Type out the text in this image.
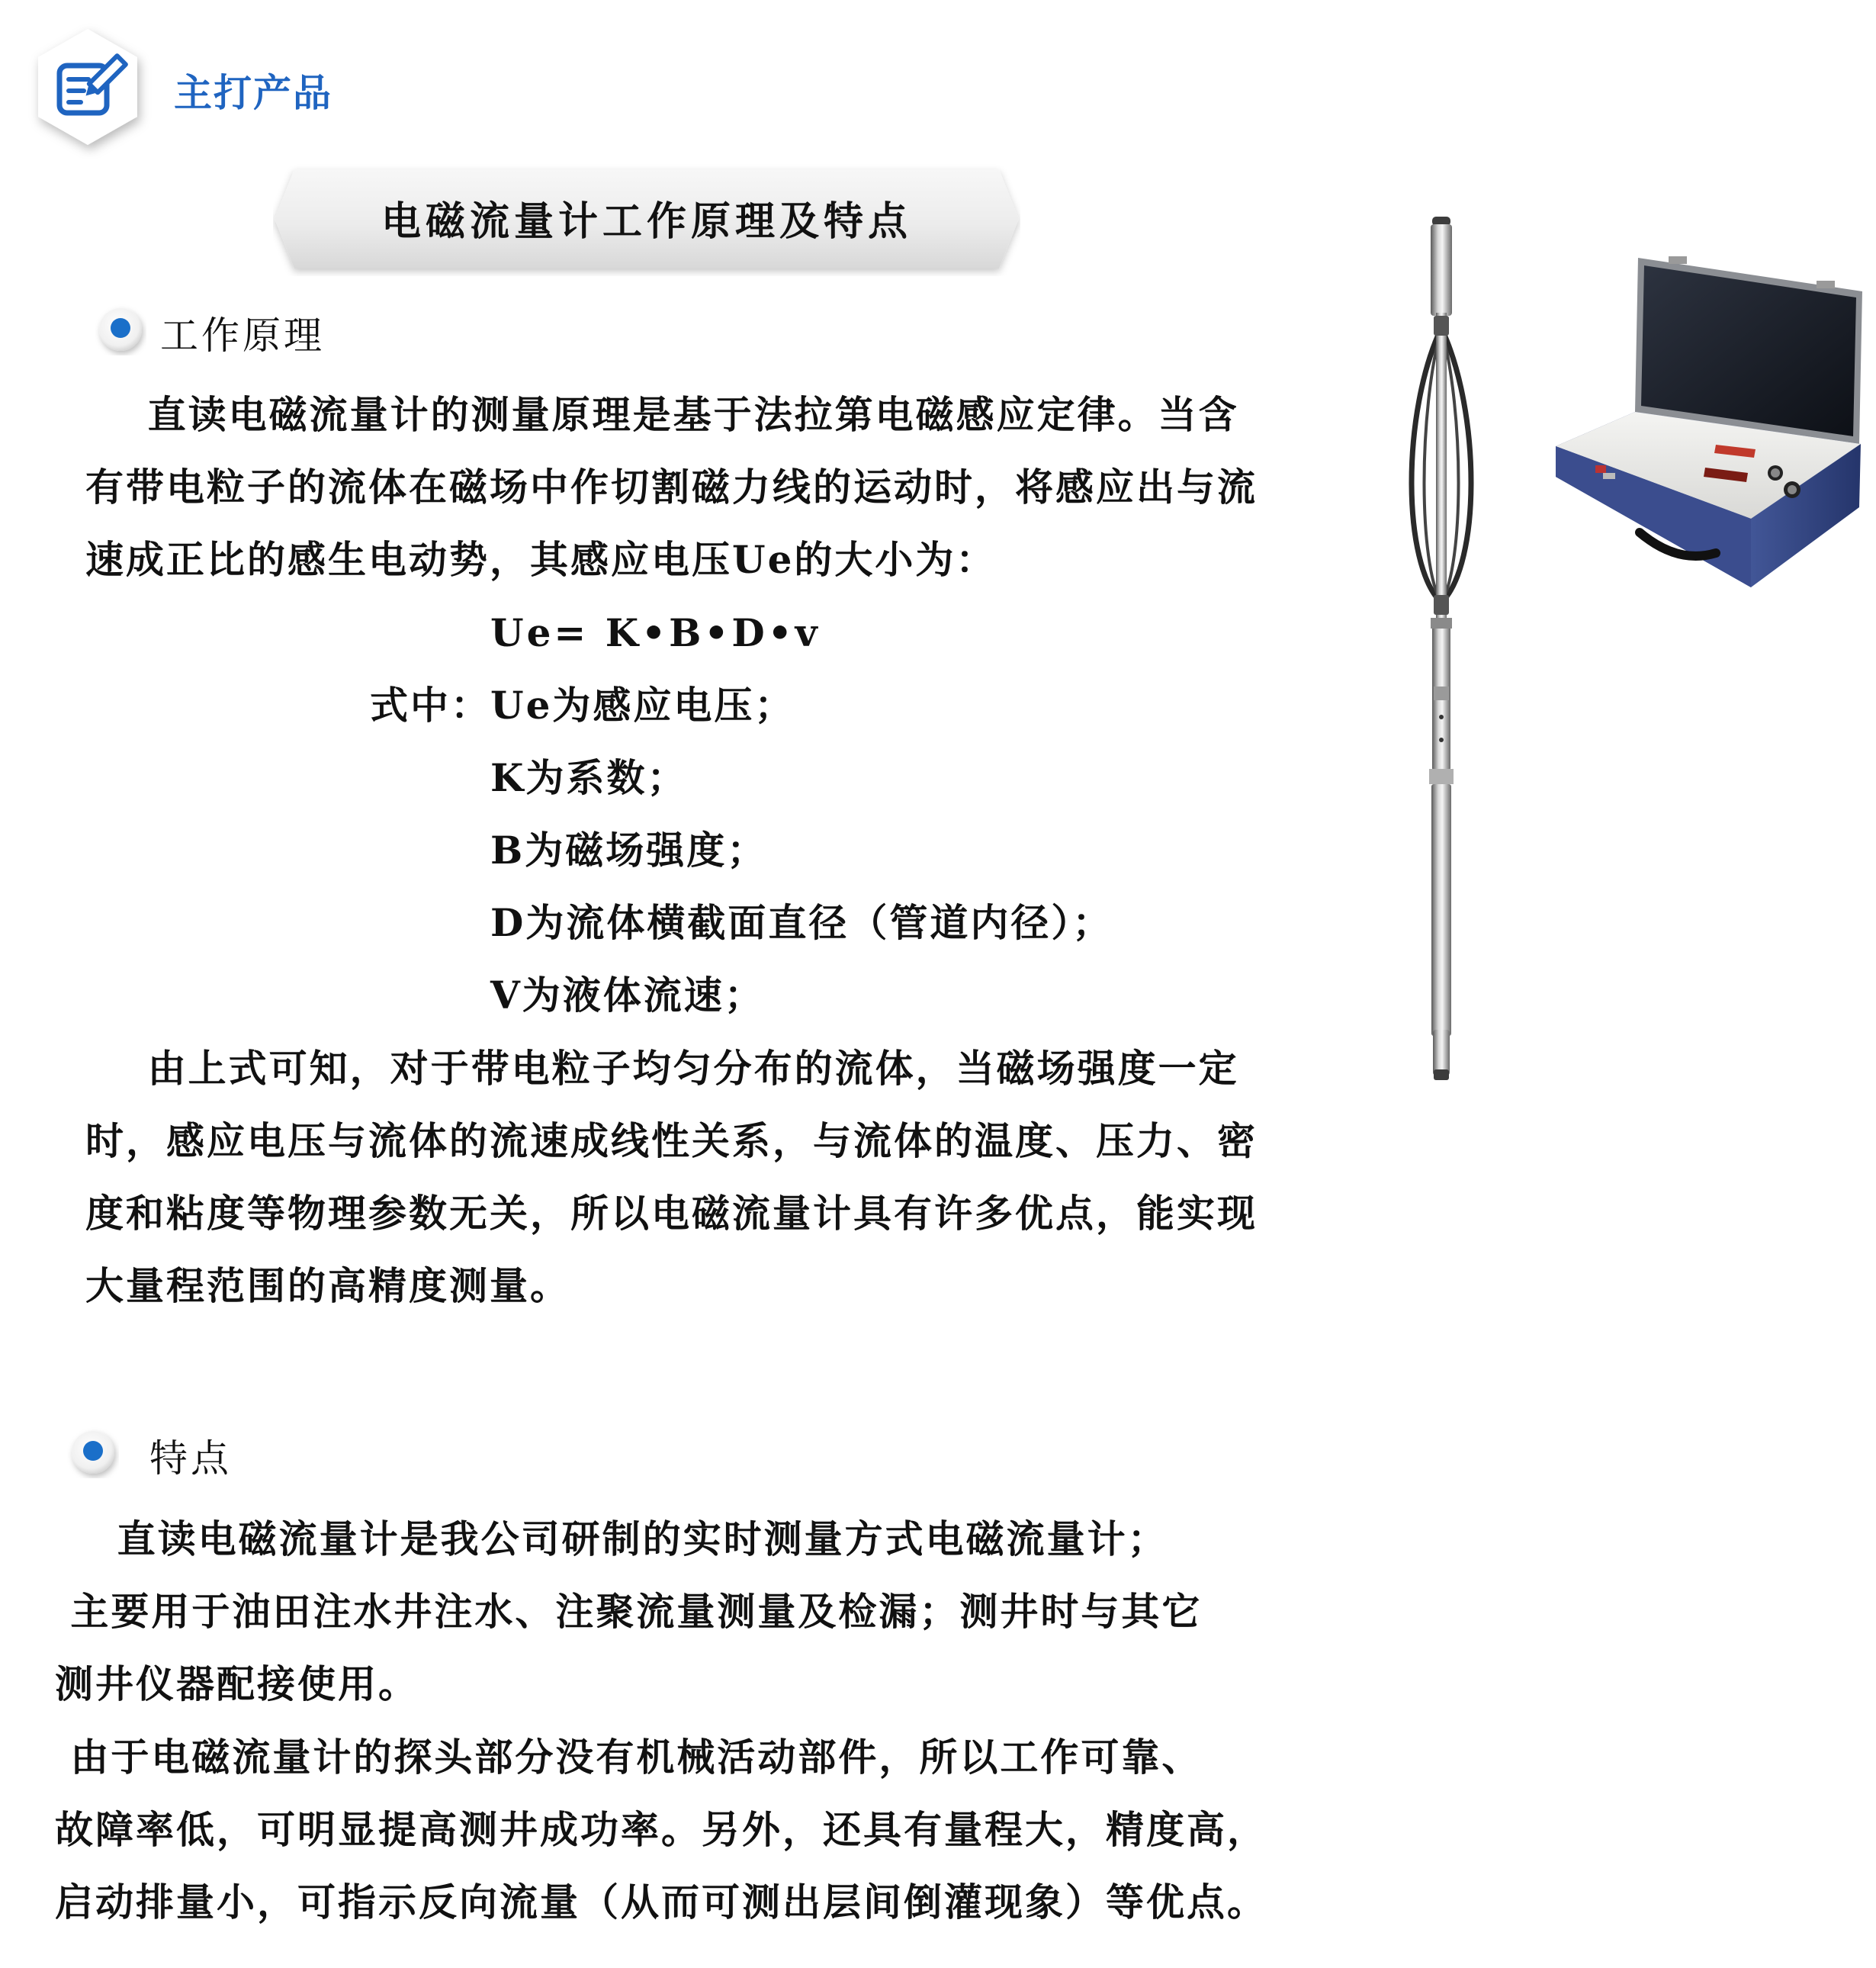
主打产品
电磁流量计工作原理及特点
工作原理
直读电磁流量计的测量原理是基于法拉第电磁感应定律。当含
有带电粒子的流体在磁场中作切割磁力线的运动时，将感应出与流
速成正比的感生电动势，其感应电压Ue的大小为：
Ue= K•B•D•v
式中： Ue为感应电压；
K为系数；
B为磁场强度；
D为流体横截面直径（管道内径）；
V为液体流速；
由上式可知，对于带电粒子均匀分布的流体，当磁场强度一定
时，感应电压与流体的流速成线性关系，与流体的温度、压力、密
度和粘度等物理参数无关，所以电磁流量计具有许多优点，能实现
大量程范围的高精度测量。
特点
直读电磁流量计是我公司研制的实时测量方式电磁流量计；
主要用于油田注水井注水、注聚流量测量及检漏；测井时与其它
测井仪器配接使用。
由于电磁流量计的探头部分没有机械活动部件，所以工作可靠、
故障率低，可明显提高测井成功率。另外，还具有量程大，精度高，
启动排量小，可指示反向流量（从而可测出层间倒灌现象）等优点。
